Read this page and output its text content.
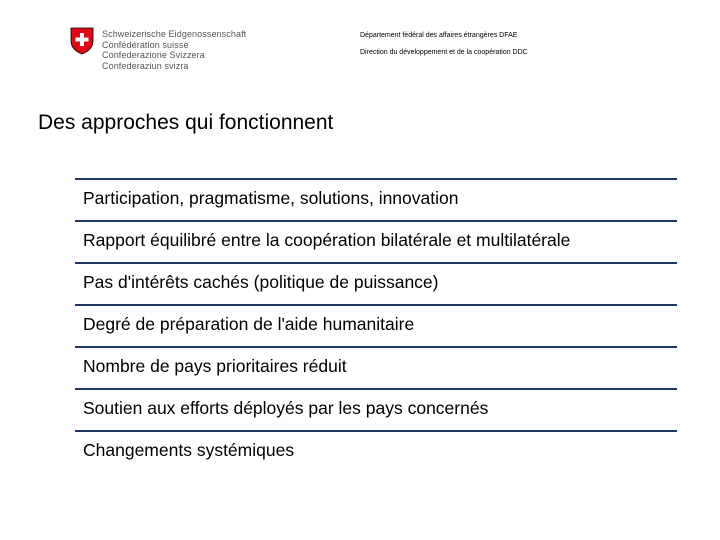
Schweizerische Eidgenossenschaft
Confédération suisse
Confederazione Svizzera
Confederaziun svizra
Département fédéral des affaires étrangères DFAE
Direction du développement et de la coopération DDC
Des approches qui fonctionnent
Participation, pragmatisme, solutions, innovation
Rapport équilibré entre la coopération bilatérale et multilatérale
Pas d'intérêts cachés (politique de puissance)
Degré de préparation de l'aide humanitaire
Nombre de pays prioritaires réduit
Soutien aux efforts déployés par les pays concernés
Changements systémiques
